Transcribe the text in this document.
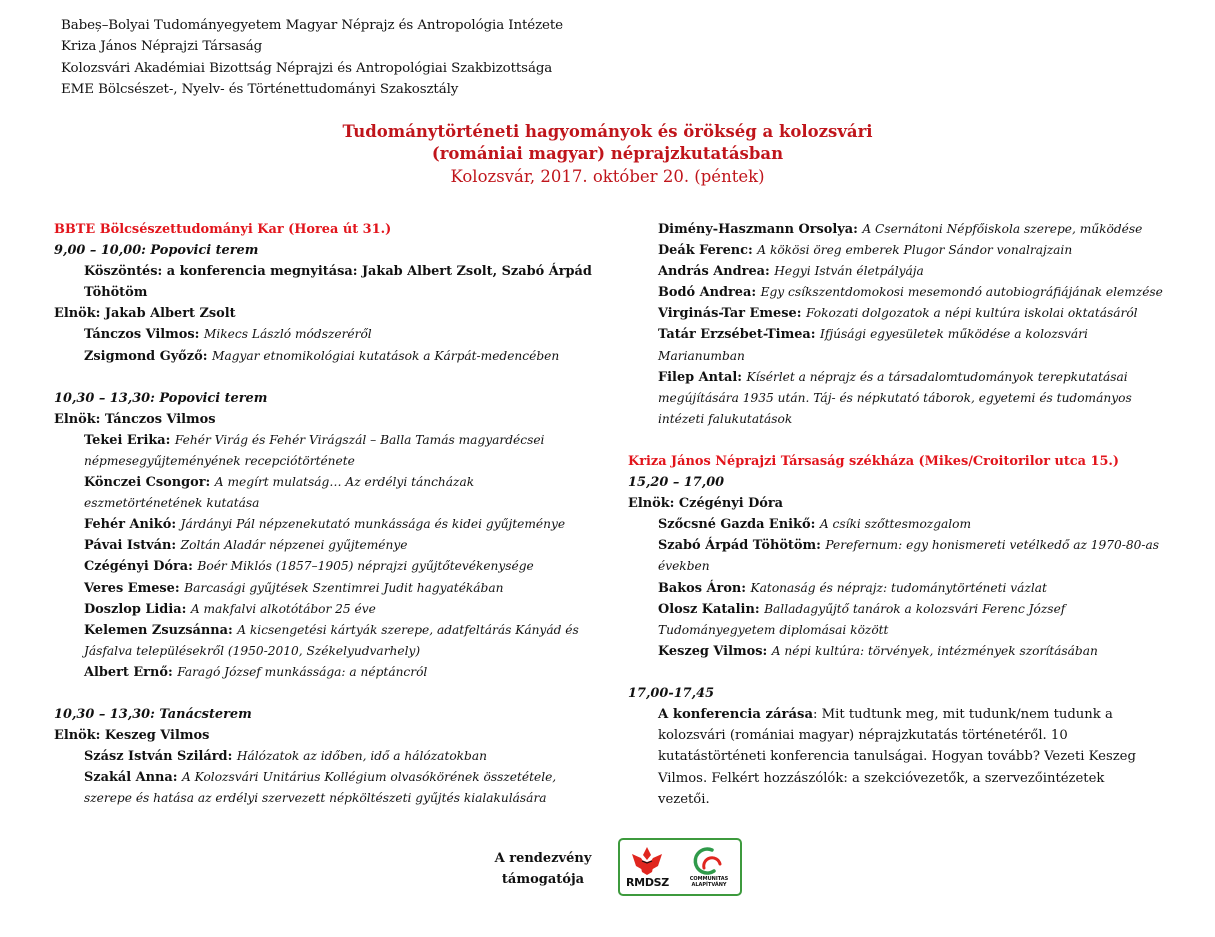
Babeș–Bolyai Tudományegyetem Magyar Néprajz és Antropológia Intézete
Kriza János Néprajzi Társaság
Kolozsvári Akadémiai Bizottság Néprajzi és Antropológiai Szakbizottsága
EME Bölcsészet-, Nyelv- és Történettudományi Szakosztály
Tudománytörténeti hagyományok és örökség a kolozsvári
(romániai magyar) néprajzkutatásban
Kolozsvár, 2017. október 20. (péntek)
BBTE Bölcsészettudományi Kar (Horea út 31.)
9,00 – 10,00: Popovici terem
Köszöntés: a konferencia megnyitása: Jakab Albert Zsolt, Szabó Árpád
Töhötöm
Elnök: Jakab Albert Zsolt
Tánczos Vilmos: Mikecs László módszeréről
Zsigmond Győző: Magyar etnomikológiai kutatások a Kárpát-medencében
10,30 – 13,30: Popovici terem
Elnök: Tánczos Vilmos
Tekei Erika: Fehér Virág és Fehér Virágszál – Balla Tamás magyardécsei
népmesegyűjteményének recepciótörténete
Könczei Csongor: A megírt mulatság… Az erdélyi táncházak
eszmetörténetének kutatása
Fehér Anikó: Járdányi Pál népzenekutató munkássága és kidei gyűjteménye
Pávai István: Zoltán Aladár népzenei gyűjteménye
Czégényi Dóra: Boér Miklós (1857–1905) néprajzi gyűjtőtevékenysége
Veres Emese: Barcasági gyűjtések Szentimrei Judit hagyatékában
Doszlop Lidia: A makfalvi alkotótábor 25 éve
Kelemen Zsuzsánna: A kicsengetési kártyák szerepe, adatfeltárás Kányád és
Jásfalva településekről (1950-2010, Székelyudvarhely)
Albert Ernő: Faragó József munkássága: a néptáncról
10,30 – 13,30: Tanácsterem
Elnök: Keszeg Vilmos
Szász István Szilárd: Hálózatok az időben, idő a hálózatokban
Szakál Anna: A Kolozsvári Unitárius Kollégium olvasókörének összetétele,
szerepe és hatása az erdélyi szervezett népköltészeti gyűjtés kialakulására
Dimény-Haszmann Orsolya: A Csernátoni Népfőiskola szerepe, működése
Deák Ferenc: A kökösi öreg emberek Plugor Sándor vonalrajzain
András Andrea: Hegyi István életpályája
Bodó Andrea: Egy csíkszentdomokosi mesemondó autobiográfiájának elemzése
Virginás-Tar Emese: Fokozati dolgozatok a népi kultúra iskolai oktatásáról
Tatár Erzsébet-Timea: Ifjúsági egyesületek működése a kolozsvári
Marianumban
Filep Antal: Kísérlet a néprajz és a társadalomtudományok terepkutatásai
megújítására 1935 után. Táj- és népkutató táborok, egyetemi és tudományos
intézeti falukutatások
Kriza János Néprajzi Társaság székháza (Mikes/Croitorilor utca 15.)
15,20 – 17,00
Elnök: Czégényi Dóra
Szőcsné Gazda Enikő: A csíki szőttesmozgalom
Szabó Árpád Töhötöm: Perefernum: egy honismereti vetélkedő az 1970-80-as
években
Bakos Áron: Katonaság és néprajz: tudománytörténeti vázlat
Olosz Katalin: Balladagyűjtő tanárok a kolozsvári Ferenc József
Tudományegyetem diplomásai között
Keszeg Vilmos: A népi kultúra: törvények, intézmények szorításában
17,00-17,45
A konferencia zárása: Mit tudtunk meg, mit tudunk/nem tudunk a
kolozsvári (romániai magyar) néprajzkutatás történetéről. 10
kutatástörténeti konferencia tanulságai. Hogyan tovább? Vezeti Keszeg
Vilmos. Felkért hozzászólók: a szekcióvezetők, a szervezőintézetek
vezetői.
A rendezvény
támogatója	RMDSZ	COMMUNITAS
ALAPÍTVÁNY
